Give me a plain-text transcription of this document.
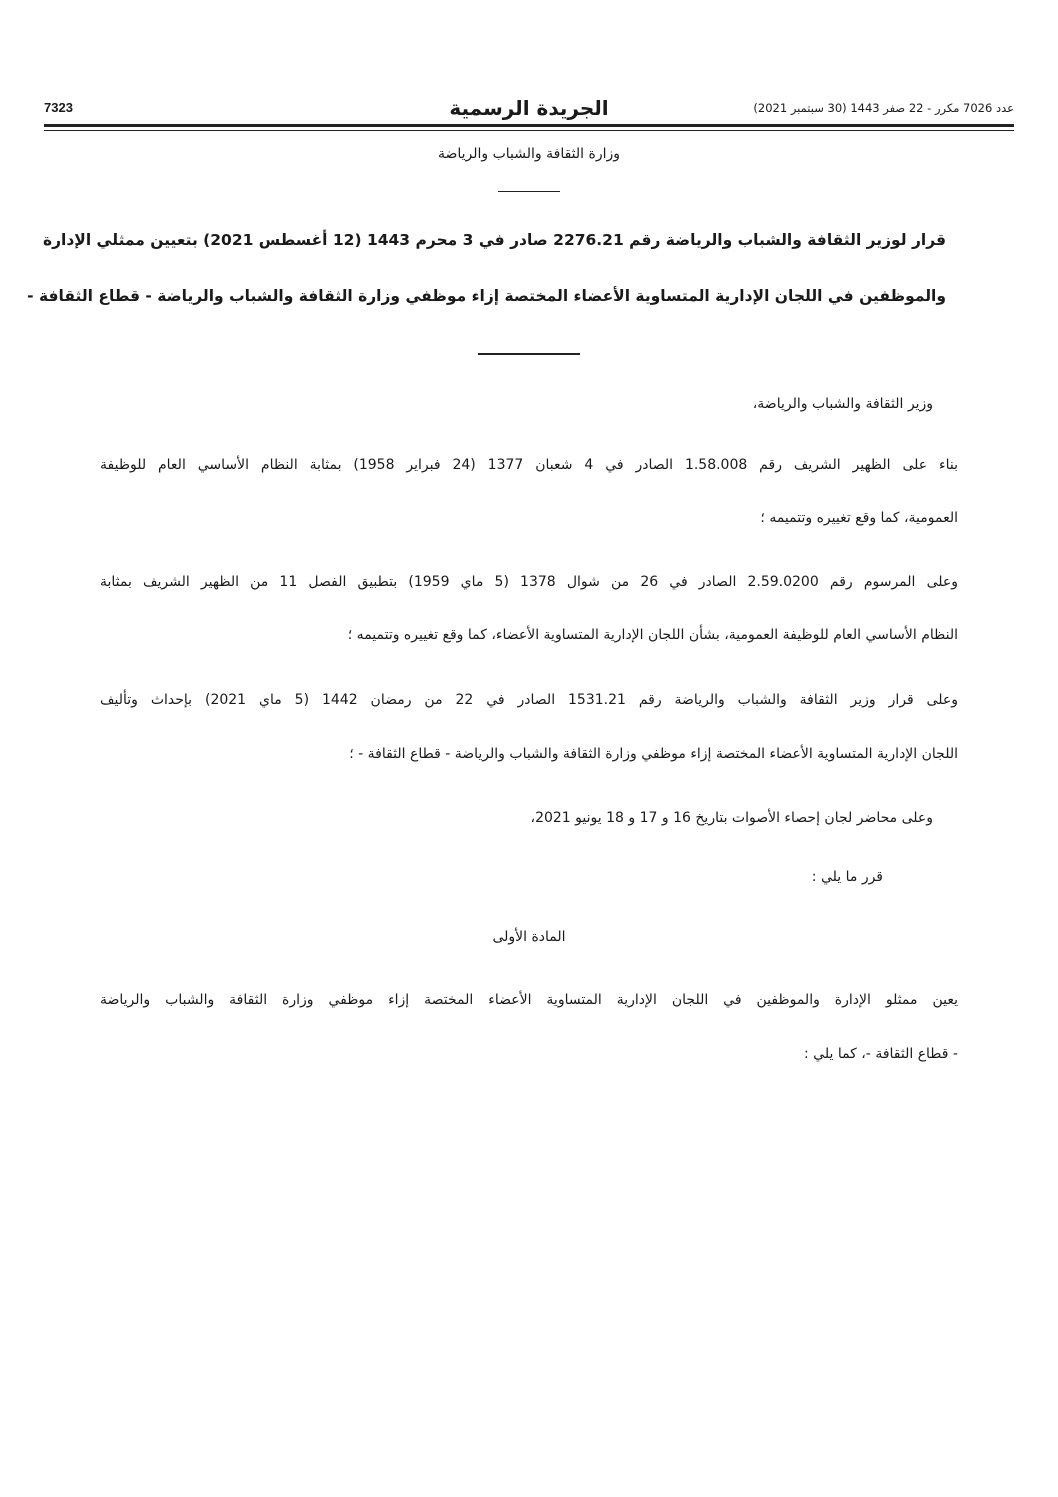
عدد 7026 مكرر - 22 صفر 1443 (30 سبتمبر 2021)
الجريدة الرسمية
7323
وزارة الثقافة والشباب والرياضة
قرار لوزير الثقافة والشباب والرياضة رقم 2276.21 صادر في 3 محرم 1443 (12 أغسطس 2021) بتعيين ممثلي الإدارة
والموظفين في اللجان الإدارية المتساوية الأعضاء المختصة إزاء موظفي وزارة الثقافة والشباب والرياضة - قطاع الثقافة -
وزير الثقافة والشباب والرياضة،
بناء على الظهير الشريف رقم 1.58.008 الصادر في 4 شعبان 1377 (24 فبراير 1958) بمثابة النظام الأساسي العام للوظيفة
العمومية، كما وقع تغييره وتتميمه ؛
وعلى المرسوم رقم 2.59.0200 الصادر في 26 من شوال 1378 (5 ماي 1959) بتطبيق الفصل 11 من الظهير الشريف بمثابة
النظام الأساسي العام للوظيفة العمومية، بشأن اللجان الإدارية المتساوية الأعضاء، كما وقع تغييره وتتميمه ؛
وعلى قرار وزير الثقافة والشباب والرياضة رقم 1531.21 الصادر في 22 من رمضان 1442 (5 ماي 2021) بإحداث وتأليف
اللجان الإدارية المتساوية الأعضاء المختصة إزاء موظفي وزارة الثقافة والشباب والرياضة - قطاع الثقافة - ؛
وعلى محاضر لجان إحصاء الأصوات بتاريخ 16 و 17 و 18 يونيو 2021،
قرر ما يلي :
المادة الأولى
يعين ممثلو الإدارة والموظفين في اللجان الإدارية المتساوية الأعضاء المختصة إزاء موظفي وزارة الثقافة والشباب والرياضة
- قطاع الثقافة -، كما يلي :
